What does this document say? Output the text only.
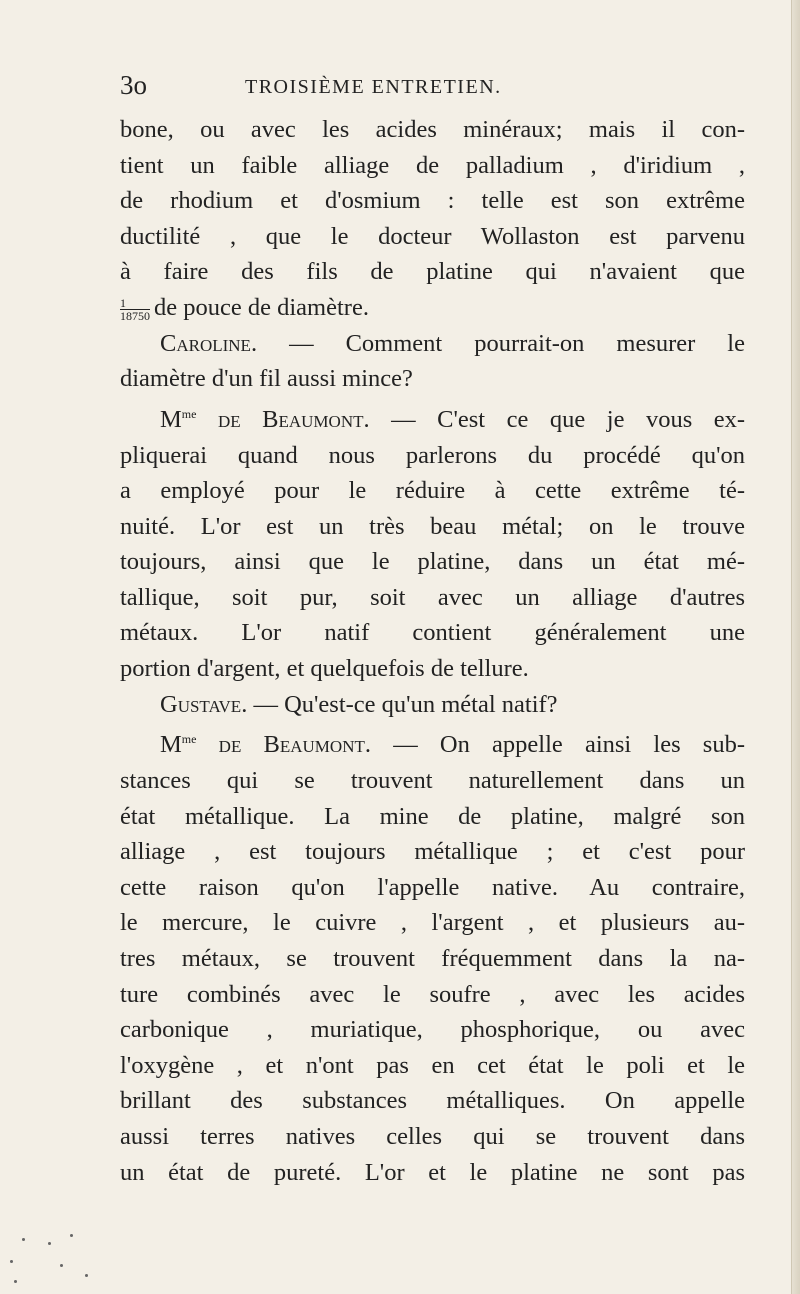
3o	TROISIÈME ENTRETIEN.
bone, ou avec les acides minéraux; mais il con-
tient un faible alliage de palladium , d'iridium ,
de rhodium et d'osmium : telle est son extrême
ductilité , que le docteur Wollaston est parvenu
à faire des fils de platine qui n'avaient que
$\frac{1}{18750}$ de pouce de diamètre.
Caroline. — Comment pourrait-on mesurer le
diamètre d'un fil aussi mince?
$M^{me}$ de Beaumont. — C'est ce que je vous ex-
pliquerai quand nous parlerons du procédé qu'on
a employé pour le réduire à cette extrême té-
nuité. L'or est un très beau métal; on le trouve
toujours, ainsi que le platine, dans un état mé-
tallique, soit pur, soit avec un alliage d'autres
métaux. L'or natif contient généralement une
portion d'argent, et quelquefois de tellure.
Gustave. — Qu'est-ce qu'un métal natif?
$M^{me}$ de Beaumont. — On appelle ainsi les sub-
stances qui se trouvent naturellement dans un
état métallique. La mine de platine, malgré son
alliage , est toujours métallique ; et c'est pour
cette raison qu'on l'appelle native. Au contraire,
le mercure, le cuivre , l'argent , et plusieurs au-
tres métaux, se trouvent fréquemment dans la na-
ture combinés avec le soufre , avec les acides
carbonique , muriatique, phosphorique, ou avec
l'oxygène , et n'ont pas en cet état le poli et le
brillant des substances métalliques. On appelle
aussi terres natives celles qui se trouvent dans
un état de pureté. L'or et le platine ne sont pas
